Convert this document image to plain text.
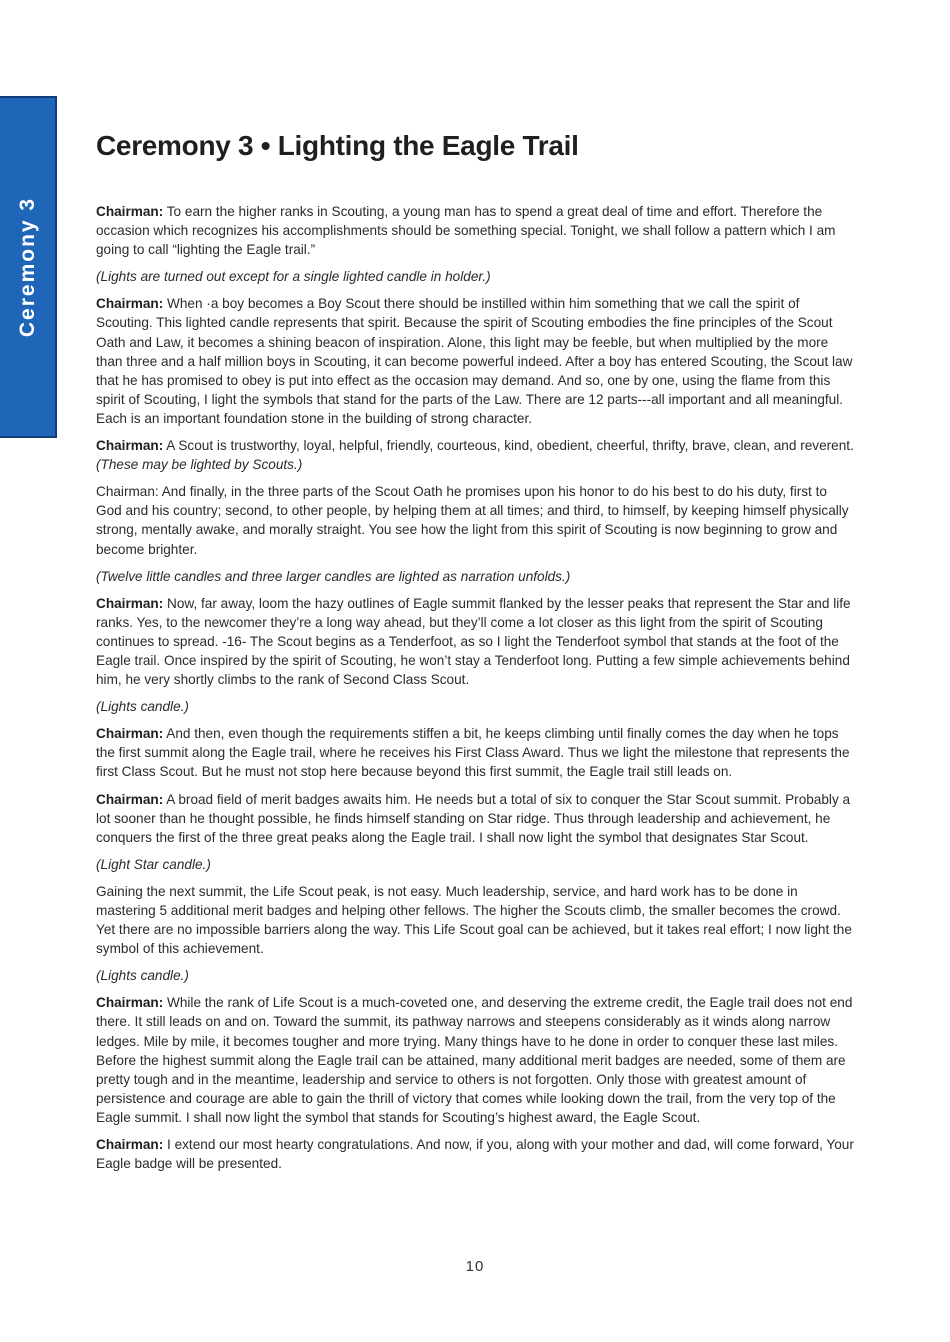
Ceremony 3
Ceremony 3 • Lighting the Eagle Trail

Chairman: To earn the higher ranks in Scouting, a young man has to spend a great deal of time and effort. Therefore the occasion which recognizes his accomplishments should be something special. Tonight, we shall follow a pattern which I am going to call “lighting the Eagle trail.”

(Lights are turned out except for a single lighted candle in holder.)

Chairman: When ·a boy becomes a Boy Scout there should be instilled within him something that we call the spirit of Scouting. This lighted candle represents that spirit. Because the spirit of Scouting embodies the fine principles of the Scout Oath and Law, it becomes a shining beacon of inspiration. Alone, this light may be feeble, but when multiplied by the more than three and a half million boys in Scouting, it can become powerful indeed. After a boy has entered Scouting, the Scout law that he has promised to obey is put into effect as the occasion may demand. And so, one by one, using the flame from this spirit of Scouting, I light the symbols that stand for the parts of the Law. There are 12 parts---all important and all meaningful. Each is an important foundation stone in the building of strong character.

Chairman: A Scout is trustworthy, loyal, helpful, friendly, courteous, kind, obedient, cheerful, thrifty, brave, clean, and reverent. (These may be lighted by Scouts.)

Chairman: And finally, in the three parts of the Scout Oath he promises upon his honor to do his best to do his duty, first to God and his country; second, to other people, by helping them at all times; and third, to himself, by keeping himself physically strong, mentally awake, and morally straight. You see how the light from this spirit of Scouting is now beginning to grow and become brighter.

(Twelve little candles and three larger candles are lighted as narration unfolds.)

Chairman: Now, far away, loom the hazy outlines of Eagle summit flanked by the lesser peaks that represent the Star and life ranks. Yes, to the newcomer they’re a long way ahead, but they’ll come a lot closer as this light from the spirit of Scouting continues to spread. -16- The Scout begins as a Tenderfoot, as so I light the Tenderfoot symbol that stands at the foot of the Eagle trail. Once inspired by the spirit of Scouting, he won’t stay a Tenderfoot long. Putting a few simple achievements behind him, he very shortly climbs to the rank of Second Class Scout.

(Lights candle.)

Chairman: And then, even though the requirements stiffen a bit, he keeps climbing until finally comes the day when he tops the first summit along the Eagle trail, where he receives his First Class Award. Thus we light the milestone that represents the first Class Scout. But he must not stop here because beyond this first summit, the Eagle trail still leads on.

Chairman: A broad field of merit badges awaits him. He needs but a total of six to conquer the Star Scout summit. Probably a lot sooner than he thought possible, he finds himself standing on Star ridge. Thus through leadership and achievement, he conquers the first of the three great peaks along the Eagle trail. I shall now light the symbol that designates Star Scout.

(Light Star candle.)

Gaining the next summit, the Life Scout peak, is not easy. Much leadership, service, and hard work has to be done in mastering 5 additional merit badges and helping other fellows. The higher the Scouts climb, the smaller becomes the crowd. Yet there are no impossible barriers along the way. This Life Scout goal can be achieved, but it takes real effort; I now light the symbol of this achievement.

(Lights candle.)

Chairman: While the rank of Life Scout is a much-coveted one, and deserving the extreme credit, the Eagle trail does not end there. It still leads on and on. Toward the summit, its pathway narrows and steepens considerably as it winds along narrow ledges. Mile by mile, it becomes tougher and more trying. Many things have to he done in order to conquer these last miles. Before the highest summit along the Eagle trail can be attained, many additional merit badges are needed, some of them are pretty tough and in the meantime, leadership and service to others is not forgotten. Only those with greatest amount of persistence and courage are able to gain the thrill of victory that comes while looking down the trail, from the very top of the Eagle summit. I shall now light the symbol that stands for Scouting’s highest award, the Eagle Scout.

Chairman: I extend our most hearty congratulations. And now, if you, along with your mother and dad, will come forward, Your Eagle badge will be presented.

10
